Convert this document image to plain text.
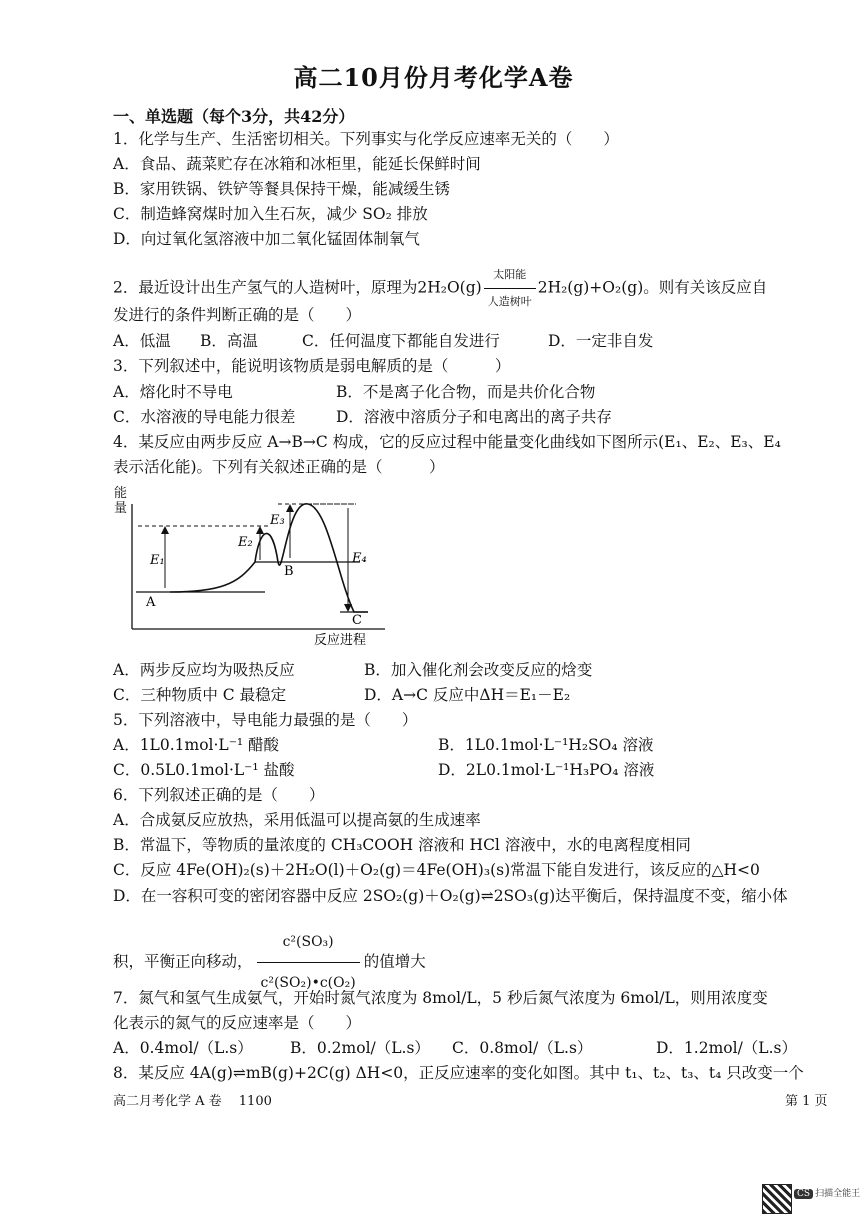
高二10月份月考化学A卷
一、单选题（每个3分，共42分）
1．化学与生产、生活密切相关。下列事实与化学反应速率无关的（　　）
A．食品、蔬菜贮存在冰箱和冰柜里，能延长保鲜时间
B．家用铁锅、铁铲等餐具保持干燥，能减缓生锈
C．制造蜂窝煤时加入生石灰，减少 SO₂ 排放
D．向过氧化氢溶液中加二氧化锰固体制氧气
2．最近设计出生产氢气的人造树叶，原理为2H₂O(g)
太阳能
人造树叶
2H₂(g)+O₂(g)。则有关该反应自
发进行的条件判断正确的是（　　）
A．低温 B．高温	C．任何温度下都能自发进行	D．一定非自发
3．下列叙述中，能说明该物质是弱电解质的是（　　　）
A．熔化时不导电	B．不是离子化合物，而是共价化合物
C．水溶液的导电能力很差	D．溶液中溶质分子和电离出的离子共存
4．某反应由两步反应 A→B→C 构成，它的反应过程中能量变化曲线如下图所示(E₁、E₂、E₃、E₄
表示活化能)。下列有关叙述正确的是（　　　）
A
B
C
E₁
E₂
E₃
E₄
反应进程
能量
A．两步反应均为吸热反应	B．加入催化剂会改变反应的焓变
C．三种物质中 C 最稳定	D．A→C 反应中ΔH＝E₁－E₂
5．下列溶液中，导电能力最强的是（　　）
A．1L0.1mol·L⁻¹ 醋酸	B．1L0.1mol·L⁻¹H₂SO₄ 溶液
C．0.5L0.1mol·L⁻¹ 盐酸	D．2L0.1mol·L⁻¹H₃PO₄ 溶液
6．下列叙述正确的是（　　）
A．合成氨反应放热，采用低温可以提高氨的生成速率
B．常温下，等物质的量浓度的 CH₃COOH 溶液和 HCl 溶液中，水的电离程度相同
C．反应 4Fe(OH)₂(s)＋2H₂O(l)＋O₂(g)＝4Fe(OH)₃(s)常温下能自发进行，该反应的△H<0
D．在一容积可变的密闭容器中反应 2SO₂(g)＋O₂(g)⇌2SO₃(g)达平衡后，保持温度不变，缩小体
积，平衡正向移动， $\frac{\text{c²(SO₃)}}{\text{c²(SO₂)•c(O₂)}}$ 的值增大
7．氮气和氢气生成氨气，开始时氮气浓度为 8mol/L，5 秒后氮气浓度为 6mol/L，则用浓度变
化表示的氮气的反应速率是（　　）
A．0.4mol/（L.s） B．0.2mol/（L.s） C．0.8mol/（L.s）	D．1.2mol/（L.s）
8．某反应 4A(g)⇌mB(g)+2C(g) ΔH<0，正反应速率的变化如图。其中 t₁、t₂、t₃、t₄ 只改变一个
高二月考化学 A 卷　 1100	第 1 页
CS 扫描全能王
